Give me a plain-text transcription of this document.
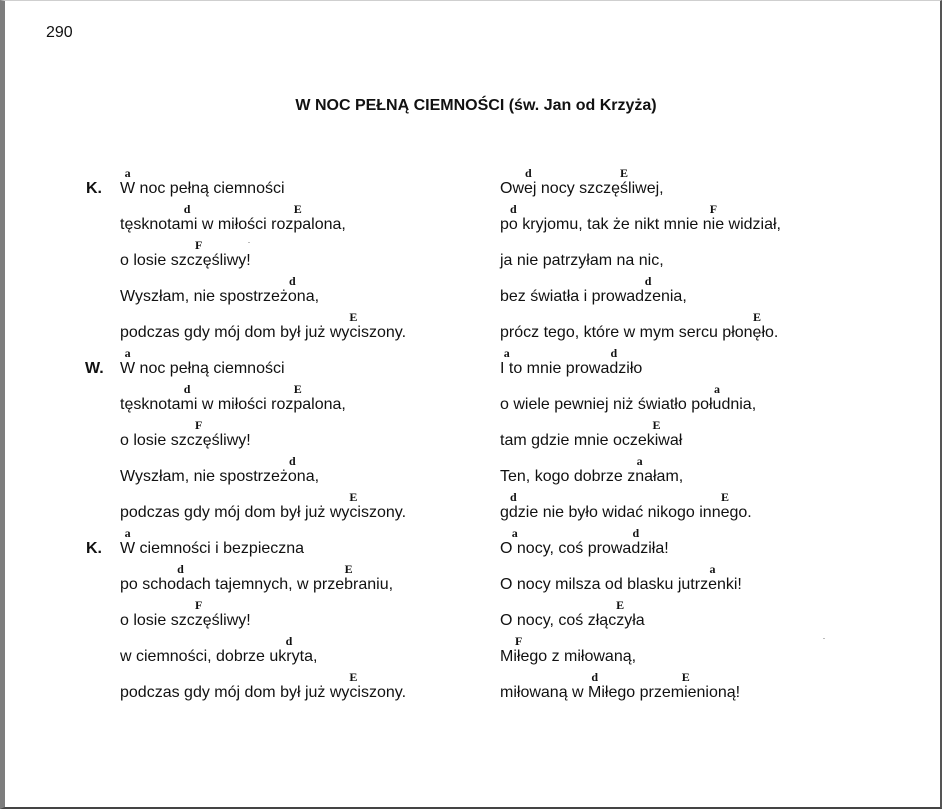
290
W NOC PEŁNĄ CIEMNOŚCI (św. Jan od Krzyża)
a
K. W noc pełną ciemności
d	E
tęsknotami w miłości rozpalona,
F
o losie szczęśliwy!
d
Wyszłam, nie spostrzeżona,
E
podczas gdy mój dom był już wyciszony.
a
W. W noc pełną ciemności
d	E
tęsknotami w miłości rozpalona,
F
o losie szczęśliwy!
d
Wyszłam, nie spostrzeżona,
E
podczas gdy mój dom był już wyciszony.
a
K. W ciemności i bezpieczna
d	E
po schodach tajemnych, w przebraniu,
F
o losie szczęśliwy!
d
w ciemności, dobrze ukryta,
E
podczas gdy mój dom był już wyciszony.
d	E
Owej nocy szczęśliwej,
d	F
po kryjomu, tak że nikt mnie nie widział,
ja nie patrzyłam na nic,
d
bez światła i prowadzenia,
E
prócz tego, które w mym sercu płonęło.
a	d
I to mnie prowadziło
a
o wiele pewniej niż światło południa,
E
tam gdzie mnie oczekiwał
a
Ten, kogo dobrze znałam,
d	E
gdzie nie było widać nikogo innego.
a	d
O nocy, coś prowadziła!
a
O nocy milsza od blasku jutrzenki!
E
O nocy, coś złączyła
F
Miłego z miłowaną,
d	E
miłowaną w Miłego przemienioną!
